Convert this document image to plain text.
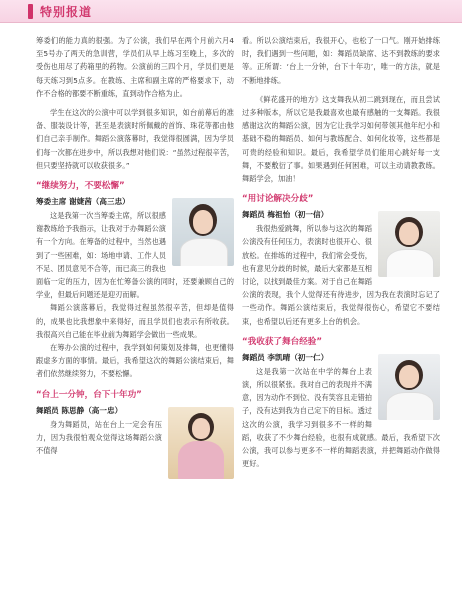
特别报道

筹委们的能力真的很强。为了公演，我们早在两个月前六月4至5号办了两天的急训营，学员们从早上练习至晚上，多次的受伤也用尽了药箱里的药物。公演前的三四个月，学员们更是每天练习到5点多。在教练、主席和副主席的严格要求下，动作不合格的都要不断重练，直到动作合格为止。

学生在这次的公演中可以学到很多知识，如台前幕后的准备、服装设计等，甚至是表演时所佩戴的首饰、珠花等都由他们自己亲手制作。舞蹈公演落幕时，我觉得很圆满，因为学员们每一次都在进步中，所以我想对他们说：“虽然过程很辛苦，但只要坚持就可以收获很多。”

“继续努力，不要松懈”
筹委主席 谢婕茜（高三忠）

这是我第一次当筹委主席，所以很感谢教练给予我指示，让我对于办舞蹈公演有一个方向。在筹备的过程中，当然也遇到了一些困难，如：场地申请、工作人员不足、团员意见不合等，而已高三的我也面临一定的压力，因为在忙筹备公演的同时，还要兼顾自己的学业，但最后问题还是迎刃而解。

舞蹈公演落幕后，我觉得过程虽然很辛苦，但却是值得的，成果也比我想象中来得好，而且学员们也表示有所收获。我很高兴自己能在毕业前为舞蹈学会做出一些成果。

在筹办公演的过程中，我学到如何策划及排舞，也更懂得跟虚多方面的事情。最后，我希望这次的舞蹈公演结束后，舞者们依然继续努力，不要松懈。

“台上一分钟，台下十年功”
舞蹈员 陈思静（高一忠）

身为舞蹈员，站在台上一定会有压力，因为我很怕观众觉得这场舞蹈公演不值得

看。所以公演结束后，我很开心，也松了一口气。刚开始排练时，我们遇到一些问题，如：舞蹈员缺席、达不到教练的要求等。正所谓：‘台上一分钟，台下十年功’，唯一的方法，就是不断地排练。

《鲜花盛开的地方》这支舞我从初二跳到现在，而且尝试过多种版本，所以它是我最喜欢也最有感触的一支舞蹈。我很感谢这次的舞蹈公演，因为它让我学习如何带领其他年纪小和基础不稳的舞蹈员、如何与教练配合、如何化妆等，这些都是可贵的经验和知识。最后，我希望学员们能用心跳好每一支舞，不要敷衍了事。如果遇到任何困难，可以主动请教教练。舞蹈学会，加油！

“用讨论解决分歧”
舞蹈员 梅祖怡（初一信）

我很热爱跳舞，所以参与这次的舞蹈公演没有任何压力，表演时也很开心、很放松。在排练的过程中，我们常会受伤，也有意见分歧的时候，最后大家都是互相讨论，以找到最佳方案。对于自己在舞蹈公演的表现，我个人觉得还有待进步，因为我在表演时忘记了一些动作。舞蹈公演结束后，我觉得很伤心，希望它不要结束，也希望以后还有更多上台的机会。

“我收获了舞台经验”
舞蹈员 李凯晴（初一仁）

这是我第一次站在中学的舞台上表演，所以很紧张。我对自己的表现并不满意，因为动作不到位、没有笑容且走错拍子，没有达到我为自己定下的目标。透过这次的公演，我学习到很多不一样的舞蹈，收获了不少舞台经验，也很有成就感。最后，我希望下次公演，我可以参与更多不一样的舞蹈表演，并把舞蹈动作做得更好。
